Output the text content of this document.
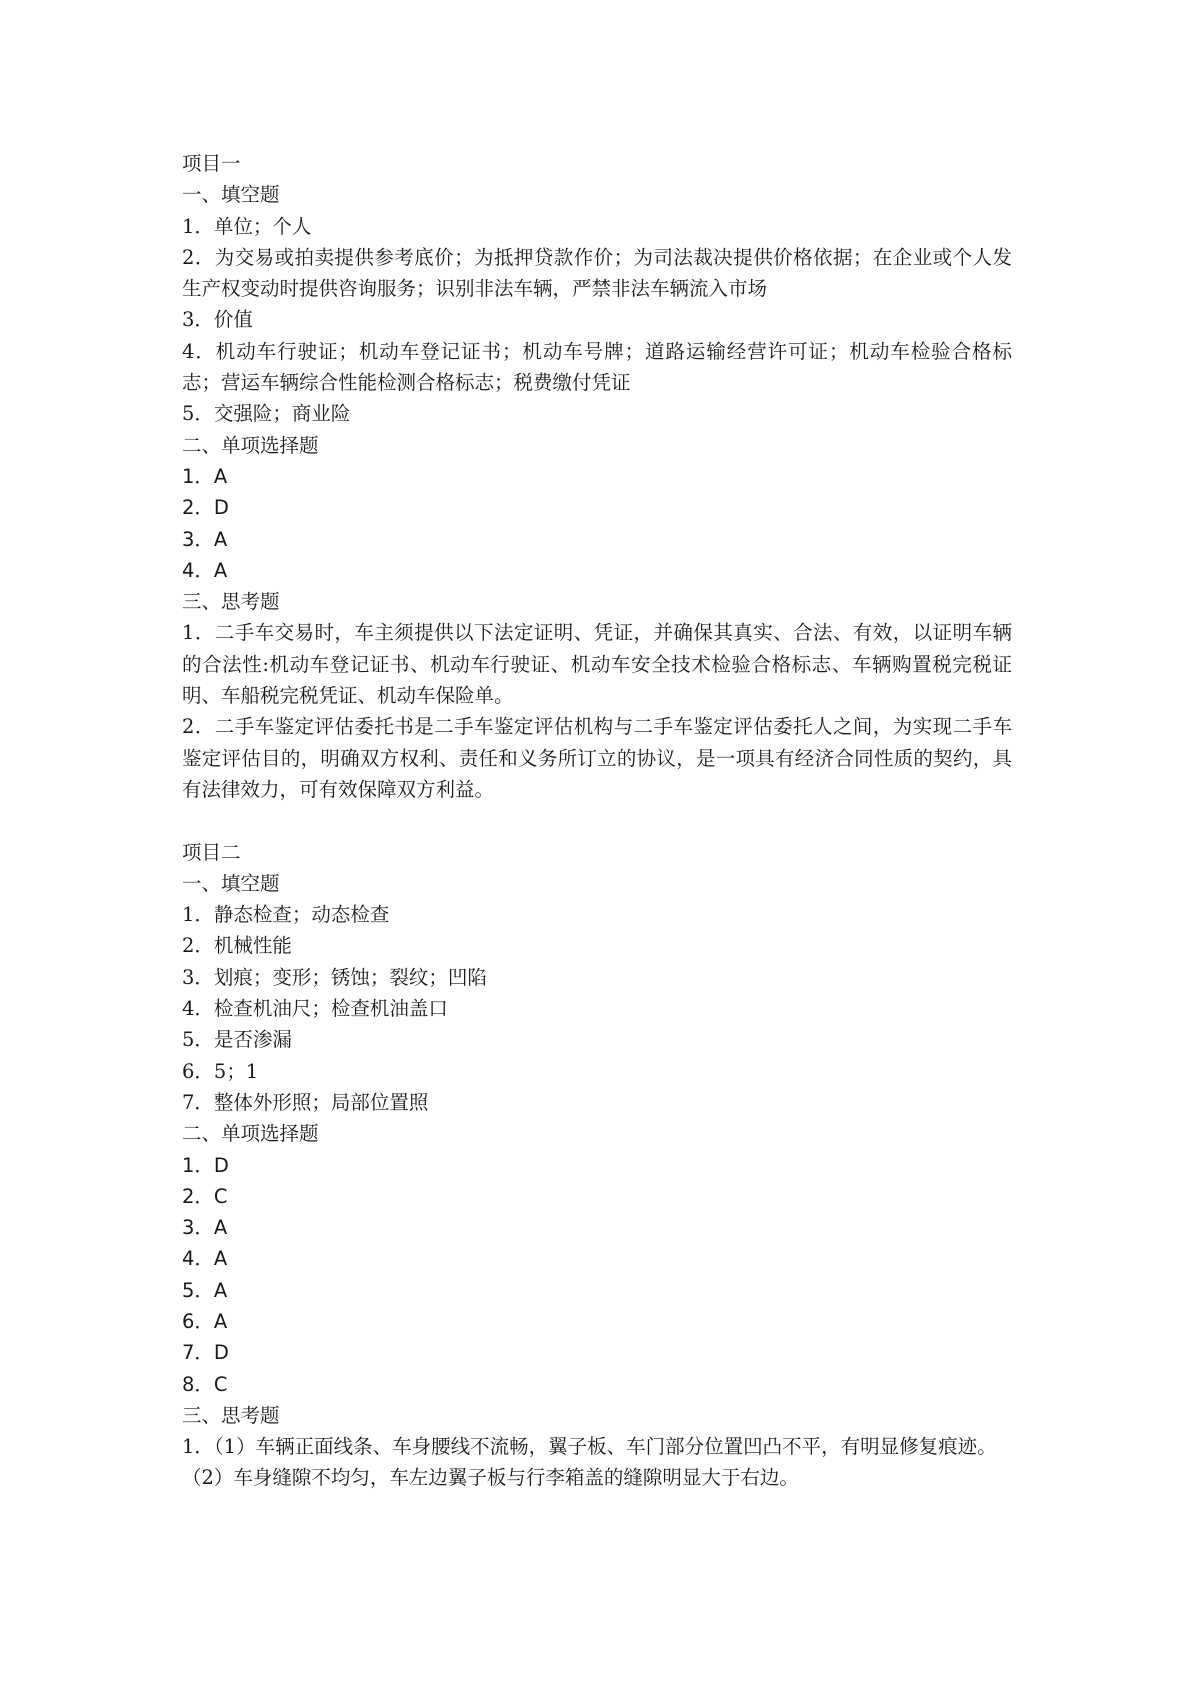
项目一
一、填空题
1．单位；个人
2．为交易或拍卖提供参考底价；为抵押贷款作价；为司法裁决提供价格依据；在企业或个人发生产权变动时提供咨询服务；识别非法车辆，严禁非法车辆流入市场
3．价值
4．机动车行驶证；机动车登记证书；机动车号牌；道路运输经营许可证；机动车检验合格标志；营运车辆综合性能检测合格标志；税费缴付凭证
5．交强险；商业险
二、单项选择题
1．A
2．D
3．A
4．A
三、思考题
1．二手车交易时，车主须提供以下法定证明、凭证，并确保其真实、合法、有效，以证明车辆的合法性:机动车登记证书、机动车行驶证、机动车安全技术检验合格标志、车辆购置税完税证明、车船税完税凭证、机动车保险单。
2．二手车鉴定评估委托书是二手车鉴定评估机构与二手车鉴定评估委托人之间，为实现二手车鉴定评估目的，明确双方权利、责任和义务所订立的协议，是一项具有经济合同性质的契约，具有法律效力，可有效保障双方利益。
项目二
一、填空题
1．静态检查；动态检查
2．机械性能
3．划痕；变形；锈蚀；裂纹；凹陷
4．检查机油尺；检查机油盖口
5．是否渗漏
6．5；1
7．整体外形照；局部位置照
二、单项选择题
1．D
2．C
3．A
4．A
5．A
6．A
7．D
8．C
三、思考题
1．（1）车辆正面线条、车身腰线不流畅，翼子板、车门部分位置凹凸不平，有明显修复痕迹。
（2）车身缝隙不均匀，车左边翼子板与行李箱盖的缝隙明显大于右边。
